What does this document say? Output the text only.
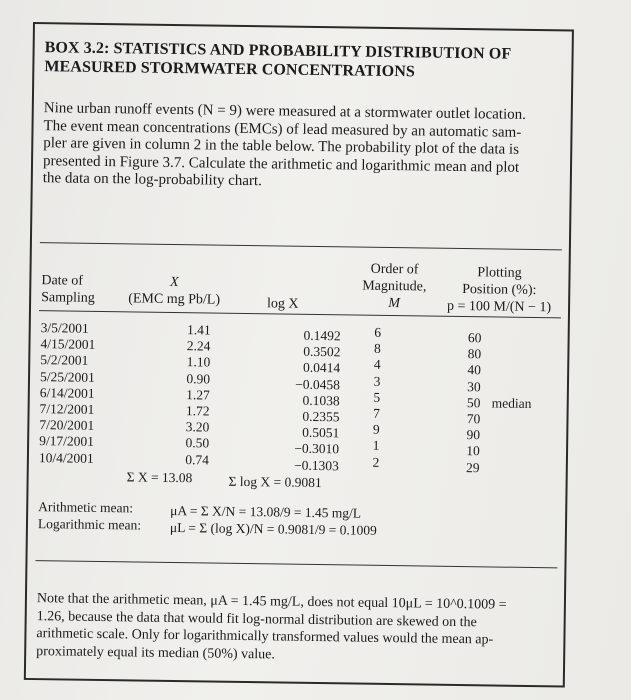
BOX 3.2: STATISTICS AND PROBABILITY DISTRIBUTION OF
MEASURED STORMWATER CONCENTRATIONS
Nine urban runoff events (N = 9) were measured at a stormwater outlet location.
The event mean concentrations (EMCs) of lead measured by an automatic sam-
pler are given in column 2 in the table below. The probability plot of the data is
presented in Figure 3.7. Calculate the arithmetic and logarithmic mean and plot
the data on the log-probability chart.
Date of
Sampling
X
(EMC mg Pb/L)	log X
Order of
Magnitude,
M
Plotting
Position (%):
p = 100 M/(N − 1)
3/5/2001
4/15/2001
5/2/2001
5/25/2001
6/14/2001
7/12/2001
7/20/2001
9/17/2001
10/4/2001
1.41
2.24
1.10
0.90
1.27
1.72
3.20
0.50
0.74
0.1492
0.3502
0.0414
−0.0458
0.1038
0.2355
0.5051
−0.3010
−0.1303
6
8
4
3
5
7
9
1
2
60
80
40
30
50
70
90
10
29
median
Σ X = 13.08	Σ log X = 0.9081
Arithmetic mean:
Logarithmic mean:
μA = Σ X/N = 13.08/9 = 1.45 mg/L
μL = Σ (log X)/N = 0.9081/9 = 0.1009
Note that the arithmetic mean, μA = 1.45 mg/L, does not equal 10μL = 10^0.1009 =
1.26, because the data that would fit log-normal distribution are skewed on the
arithmetic scale. Only for logarithmically transformed values would the mean ap-
proximately equal its median (50%) value.
